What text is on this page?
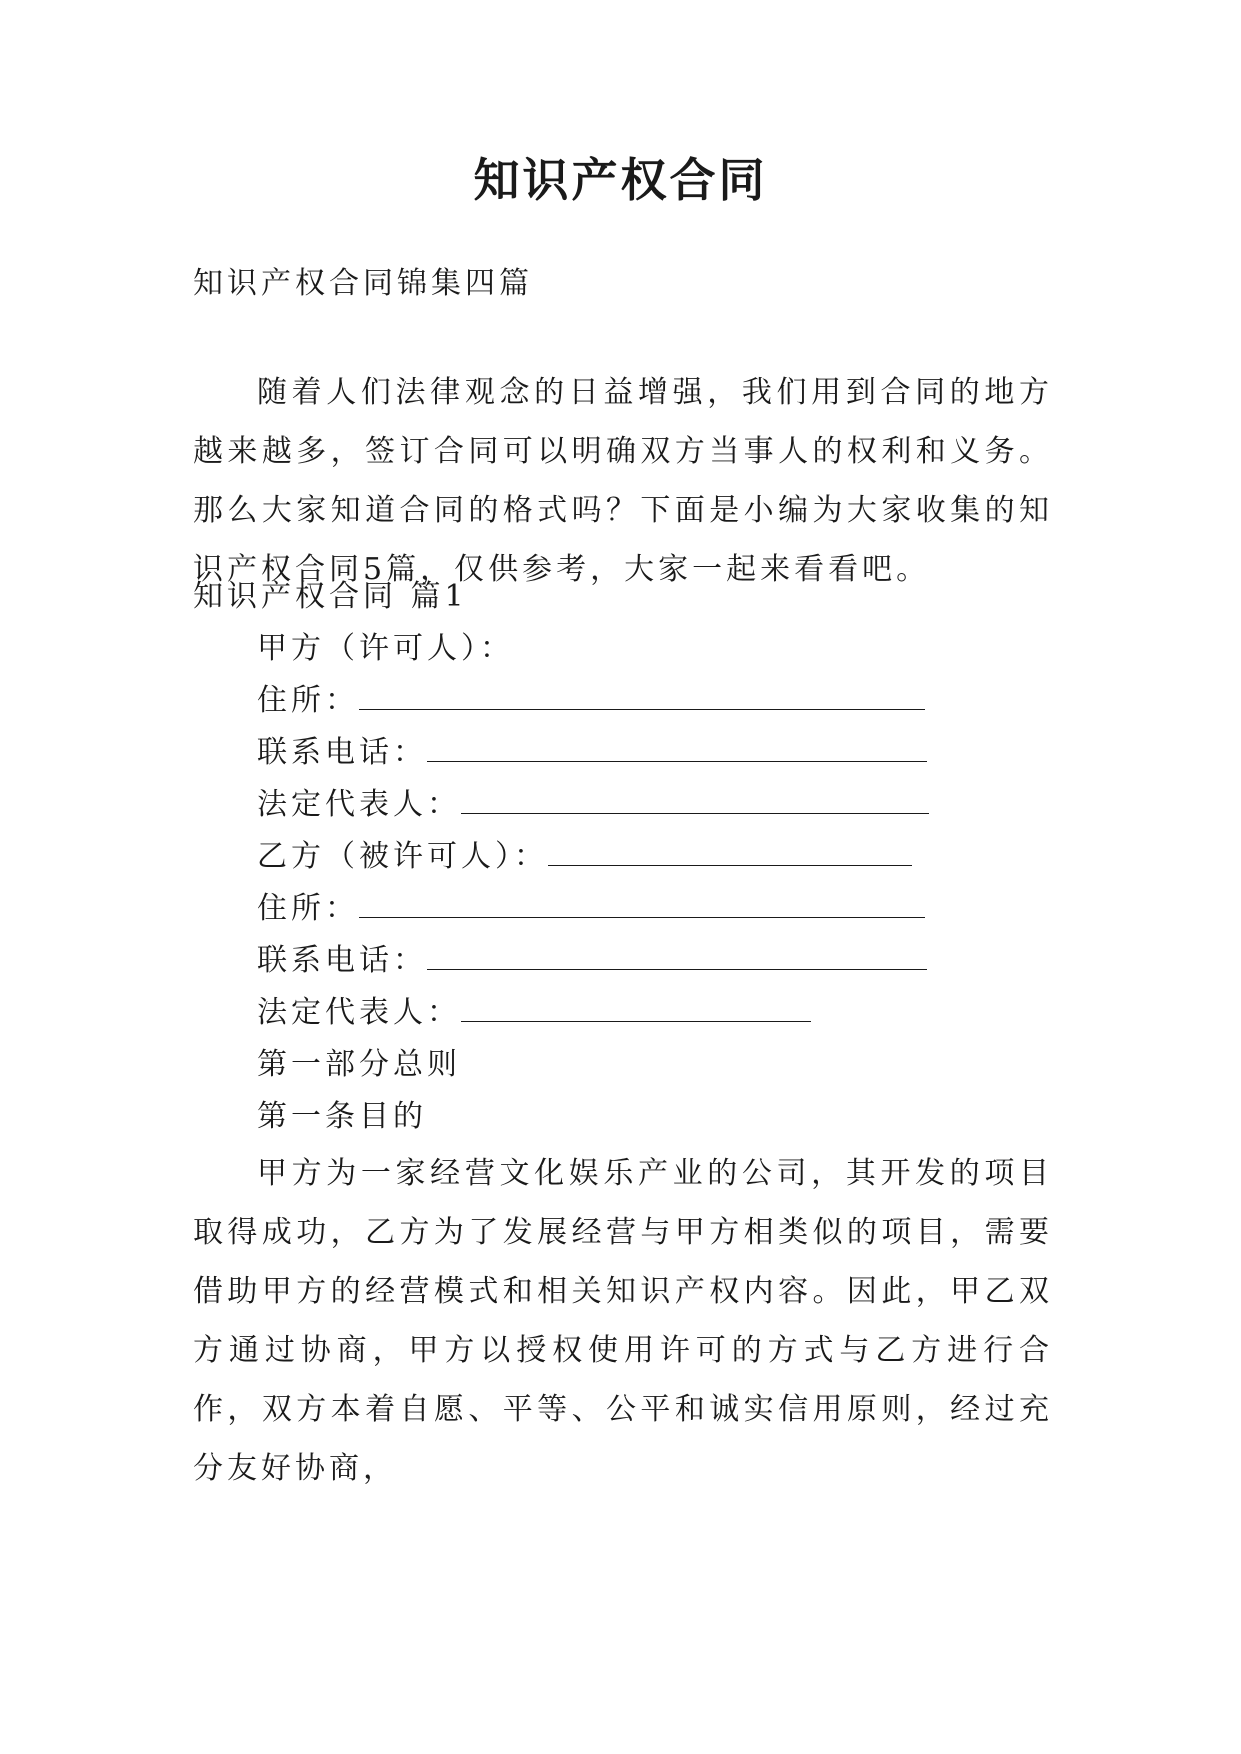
知识产权合同
知识产权合同锦集四篇
随着人们法律观念的日益增强，我们用到合同的地方越来越多，签订合同可以明确双方当事人的权利和义务。那么大家知道合同的格式吗？下面是小编为大家收集的知识产权合同5篇，仅供参考，大家一起来看看吧。
知识产权合同 篇1
甲方（许可人）：
住所：
联系电话：
法定代表人：
乙方（被许可人）：
住所：
联系电话：
法定代表人：
第一部分总则
第一条目的
甲方为一家经营文化娱乐产业的公司，其开发的项目取得成功，乙方为了发展经营与甲方相类似的项目，需要借助甲方的经营模式和相关知识产权内容。因此，甲乙双方通过协商，甲方以授权使用许可的方式与乙方进行合作，双方本着自愿、平等、公平和诚实信用原则，经过充分友好协商，
